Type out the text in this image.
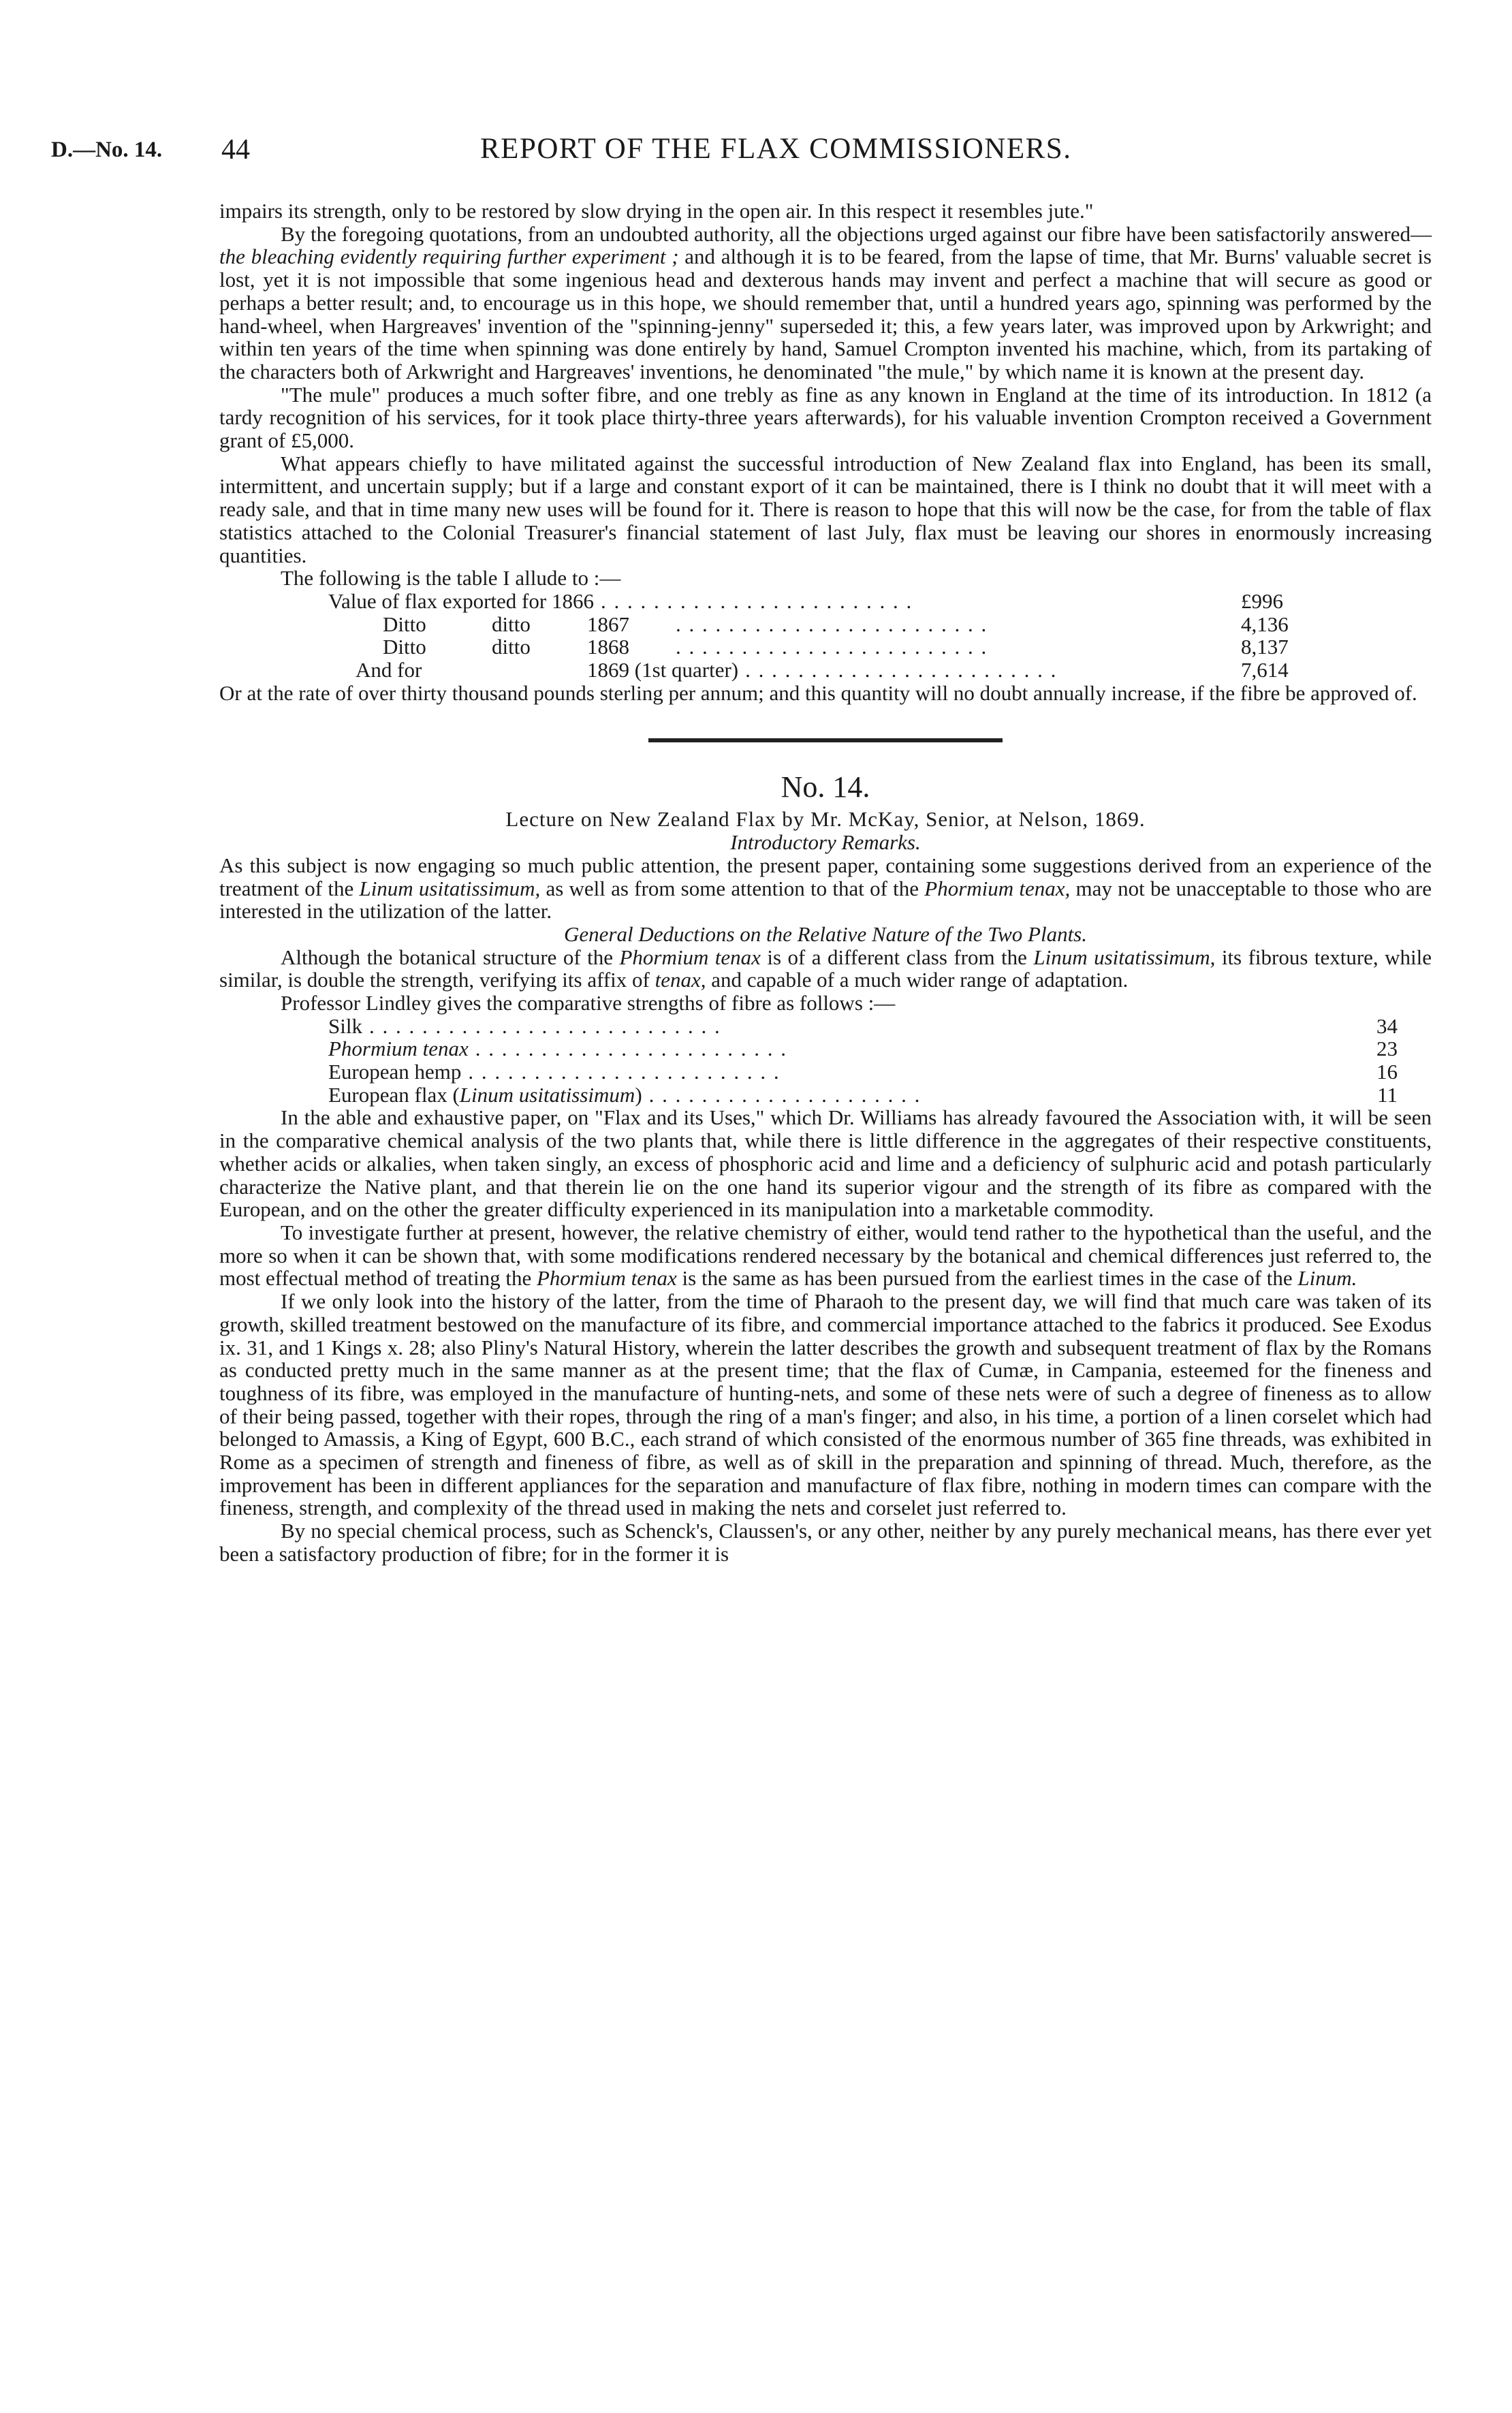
D.—No. 14. 44	REPORT OF THE FLAX COMMISSIONERS.

impairs its strength, only to be restored by slow drying in the open air. In this respect it resembles jute."

By the foregoing quotations, from an undoubted authority, all the objections urged against our fibre have been satisfactorily answered—the bleaching evidently requiring further experiment ; and although it is to be feared, from the lapse of time, that Mr. Burns' valuable secret is lost, yet it is not impossible that some ingenious head and dexterous hands may invent and perfect a machine that will secure as good or perhaps a better result; and, to encourage us in this hope, we should remember that, until a hundred years ago, spinning was performed by the hand-wheel, when Hargreaves' invention of the "spinning-jenny" superseded it; this, a few years later, was improved upon by Arkwright; and within ten years of the time when spinning was done entirely by hand, Samuel Crompton invented his machine, which, from its partaking of the characters both of Arkwright and Hargreaves' inventions, he denominated "the mule," by which name it is known at the present day.

"The mule" produces a much softer fibre, and one trebly as fine as any known in England at the time of its introduction. In 1812 (a tardy recognition of his services, for it took place thirty-three years afterwards), for his valuable invention Crompton received a Government grant of £5,000.

What appears chiefly to have militated against the successful introduction of New Zealand flax into England, has been its small, intermittent, and uncertain supply; but if a large and constant export of it can be maintained, there is I think no doubt that it will meet with a ready sale, and that in time many new uses will be found for it. There is reason to hope that this will now be the case, for from the table of flax statistics attached to the Colonial Treasurer's financial statement of last July, flax must be leaving our shores in enormously increasing quantities.

The following is the table I allude to :—

Value of flax exported for 1866 . . . . . . . . . . . . . . . . . . . . . . . .	£996
Ditto	ditto	1867	. . . . . . . . . . . . . . . . . . . . . . . .	4,136
Ditto	ditto	1868	. . . . . . . . . . . . . . . . . . . . . . . .	8,137
And for	1869 (1st quarter) . . . . . . . . . . . . . . . . . . . . . . . .	7,614

Or at the rate of over thirty thousand pounds sterling per annum; and this quantity will no doubt annually increase, if the fibre be approved of.

No. 14.

Lecture on New Zealand Flax by Mr. McKay, Senior, at Nelson, 1869.

Introductory Remarks.

As this subject is now engaging so much public attention, the present paper, containing some suggestions derived from an experience of the treatment of the Linum usitatissimum, as well as from some attention to that of the Phormium tenax, may not be unacceptable to those who are interested in the utilization of the latter.

General Deductions on the Relative Nature of the Two Plants.

Although the botanical structure of the Phormium tenax is of a different class from the Linum usitatissimum, its fibrous texture, while similar, is double the strength, verifying its affix of tenax, and capable of a much wider range of adaptation.

Professor Lindley gives the comparative strengths of fibre as follows :—

Silk . . . . . . . . . . . . . . . . . . . . . . . . . . .	34
Phormium tenax . . . . . . . . . . . . . . . . . . . . . . . .	23
European hemp . . . . . . . . . . . . . . . . . . . . . . . .	16
European flax ( Linum usitatissimum ) . . . . . . . . . . . . . . . . . . . . .	11

In the able and exhaustive paper, on "Flax and its Uses," which Dr. Williams has already favoured the Association with, it will be seen in the comparative chemical analysis of the two plants that, while there is little difference in the aggregates of their respective constituents, whether acids or alkalies, when taken singly, an excess of phosphoric acid and lime and a deficiency of sulphuric acid and potash particularly characterize the Native plant, and that therein lie on the one hand its superior vigour and the strength of its fibre as compared with the European, and on the other the greater difficulty experienced in its manipulation into a marketable commodity.

To investigate further at present, however, the relative chemistry of either, would tend rather to the hypothetical than the useful, and the more so when it can be shown that, with some modifications rendered necessary by the botanical and chemical differences just referred to, the most effectual method of treating the Phormium tenax is the same as has been pursued from the earliest times in the case of the Linum.

If we only look into the history of the latter, from the time of Pharaoh to the present day, we will find that much care was taken of its growth, skilled treatment bestowed on the manufacture of its fibre, and commercial importance attached to the fabrics it produced. See Exodus ix. 31, and 1 Kings x. 28; also Pliny's Natural History, wherein the latter describes the growth and subsequent treatment of flax by the Romans as conducted pretty much in the same manner as at the present time; that the flax of Cumæ, in Campania, esteemed for the fineness and toughness of its fibre, was employed in the manufacture of hunting-nets, and some of these nets were of such a degree of fineness as to allow of their being passed, together with their ropes, through the ring of a man's finger; and also, in his time, a portion of a linen corselet which had belonged to Amassis, a King of Egypt, 600 B.C., each strand of which consisted of the enormous number of 365 fine threads, was exhibited in Rome as a specimen of strength and fineness of fibre, as well as of skill in the preparation and spinning of thread. Much, therefore, as the improvement has been in different appliances for the separation and manufacture of flax fibre, nothing in modern times can compare with the fineness, strength, and complexity of the thread used in making the nets and corselet just referred to.

By no special chemical process, such as Schenck's, Claussen's, or any other, neither by any purely mechanical means, has there ever yet been a satisfactory production of fibre; for in the former it is
